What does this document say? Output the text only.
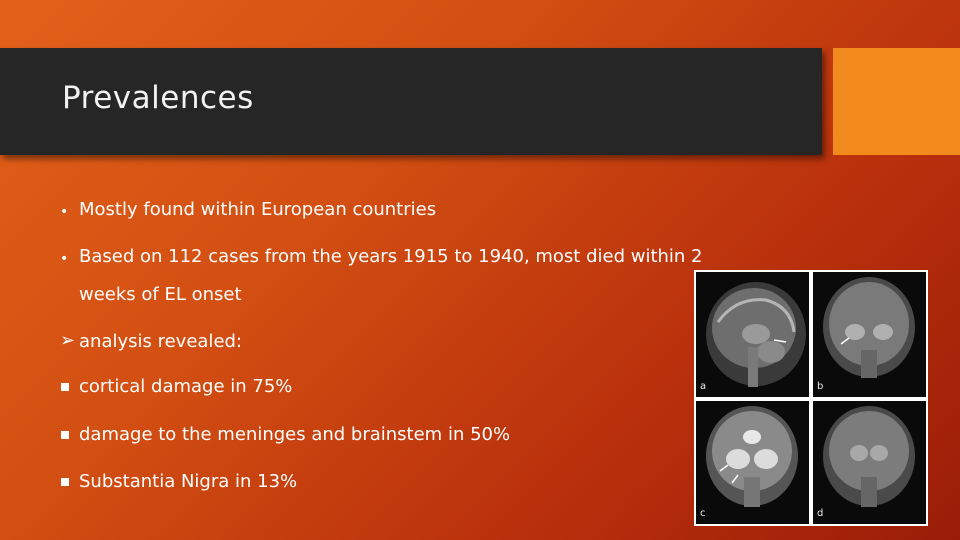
Prevalences
• Mostly found within European countries
• Based on 112 cases from the years 1915 to 1940, most died within 2
weeks of EL onset
➢ analysis revealed:
cortical damage in 75%
damage to the meninges and brainstem in 50%
Substantia Nigra in 13%
a	b
c	d
